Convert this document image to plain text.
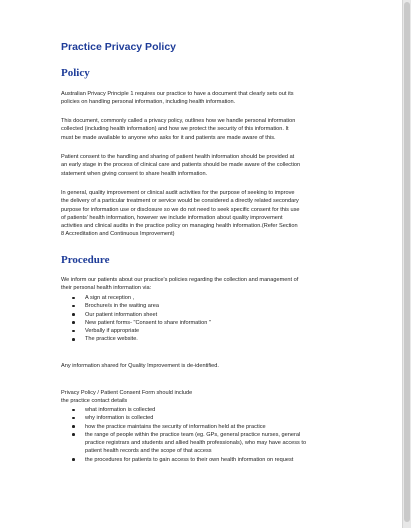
Practice Privacy Policy
Policy

Australian Privacy Principle 1 requires our practice to have a document that clearly sets out its
policies on handling personal information, including health information.

This document, commonly called a privacy policy, outlines how we handle personal information
collected (including health information) and how we protect the security of this information. It
must be made available to anyone who asks for it and patients are made aware of this.

Patient consent to the handling and sharing of patient health information should be provided at
an early stage in the process of clinical care and patients should be made aware of the collection
statement when giving consent to share health information.

In general, quality improvement or clinical audit activities for the purpose of seeking to improve
the delivery of a particular treatment or service would be considered a directly related secondary
purpose for information use or disclosure so we do not need to seek specific consent for this use
of patients' health information, however we include information about quality improvement
activities and clinical audits in the practice policy on managing health information.(Refer Section
8 Accreditation and Continuous Improvement)

Procedure

We inform our patients about our practice's policies regarding the collection and management of
their personal health information via:

A sign at reception ,
Brochure/s in the waiting area
Our patient information sheet
New patient forms- "Consent to share information "
Verbally if appropriate
The practice website.

Any information shared for Quality Improvement is de-identified.

Privacy Policy / Patient Consent Form should include
the practice contact details

what information is collected
why information is collected
how the practice maintains the security of information held at the practice
the range of people within the practice team (eg. GPs, general practice nurses, general
practice registrars and students and allied health professionals), who may have access to
patient health records and the scope of that access
the procedures for patients to gain access to their own health information on request
